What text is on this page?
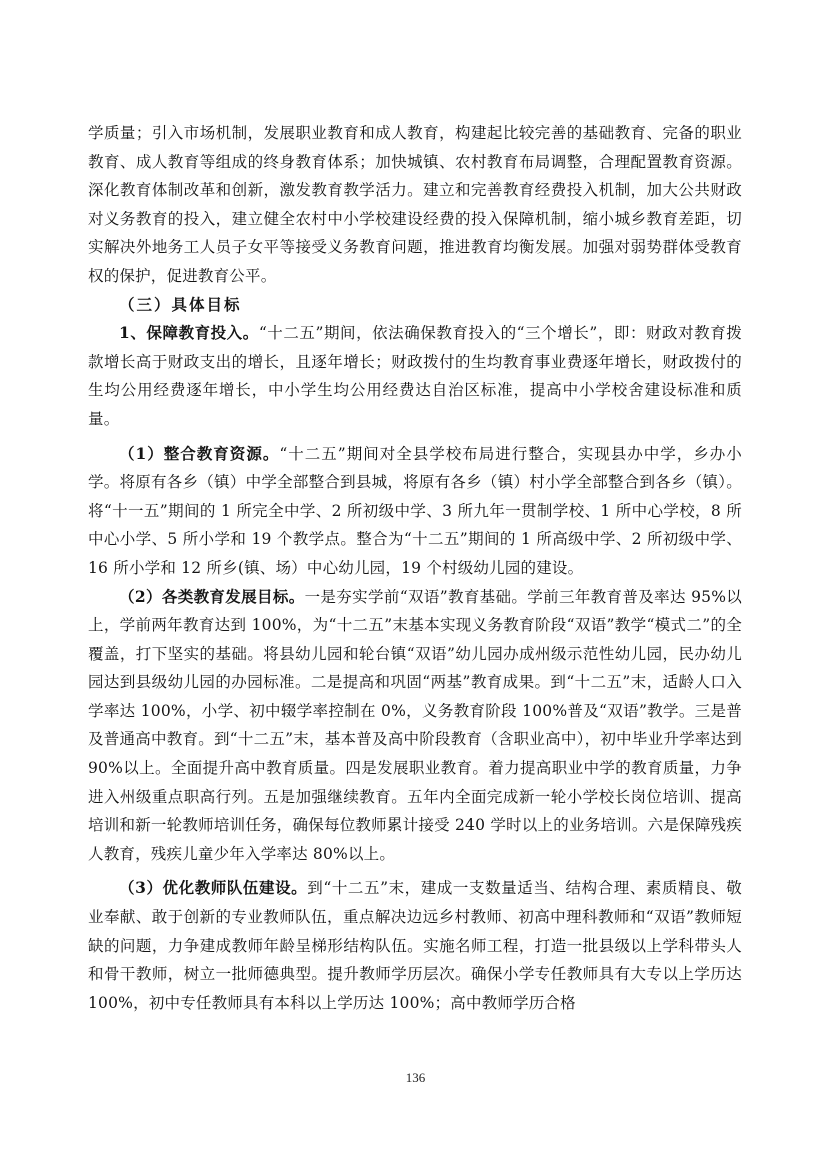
学质量；引入市场机制，发展职业教育和成人教育，构建起比较完善的基础教育、完备的职业教育、成人教育等组成的终身教育体系；加快城镇、农村教育布局调整，合理配置教育资源。深化教育体制改革和创新，激发教育教学活力。建立和完善教育经费投入机制，加大公共财政对义务教育的投入，建立健全农村中小学校建设经费的投入保障机制，缩小城乡教育差距，切实解决外地务工人员子女平等接受义务教育问题，推进教育均衡发展。加强对弱势群体受教育权的保护，促进教育公平。

（三）具体目标

1、保障教育投入。“十二五”期间，依法确保教育投入的“三个增长”，即：财政对教育拨款增长高于财政支出的增长，且逐年增长；财政拨付的生均教育事业费逐年增长，财政拨付的生均公用经费逐年增长，中小学生均公用经费达自治区标准，提高中小学校舍建设标准和质量。

（1）整合教育资源。“十二五”期间对全县学校布局进行整合，实现县办中学，乡办小学。将原有各乡（镇）中学全部整合到县城，将原有各乡（镇）村小学全部整合到各乡（镇）。将“十一五”期间的 1 所完全中学、2 所初级中学、3 所九年一贯制学校、1 所中心学校，8 所中心小学、5 所小学和 19 个教学点。整合为“十二五”期间的 1 所高级中学、2 所初级中学、16 所小学和 12 所乡(镇、场）中心幼儿园，19 个村级幼儿园的建设。

（2）各类教育发展目标。一是夯实学前“双语”教育基础。学前三年教育普及率达 95%以上，学前两年教育达到 100%，为“十二五”末基本实现义务教育阶段“双语”教学“模式二”的全覆盖，打下坚实的基础。将县幼儿园和轮台镇“双语”幼儿园办成州级示范性幼儿园，民办幼儿园达到县级幼儿园的办园标准。二是提高和巩固“两基”教育成果。到“十二五”末，适龄人口入学率达 100%，小学、初中辍学率控制在 0%，义务教育阶段 100%普及“双语”教学。三是普及普通高中教育。到“十二五”末，基本普及高中阶段教育（含职业高中），初中毕业升学率达到 90%以上。全面提升高中教育质量。四是发展职业教育。着力提高职业中学的教育质量，力争进入州级重点职高行列。五是加强继续教育。五年内全面完成新一轮小学校长岗位培训、提高培训和新一轮教师培训任务，确保每位教师累计接受 240 学时以上的业务培训。六是保障残疾人教育，残疾儿童少年入学率达 80%以上。

（3）优化教师队伍建设。到“十二五”末，建成一支数量适当、结构合理、素质精良、敬业奉献、敢于创新的专业教师队伍，重点解决边远乡村教师、初高中理科教师和“双语”教师短缺的问题，力争建成教师年龄呈梯形结构队伍。实施名师工程，打造一批县级以上学科带头人和骨干教师，树立一批师德典型。提升教师学历层次。确保小学专任教师具有大专以上学历达 100%，初中专任教师具有本科以上学历达 100%；高中教师学历合格

136
